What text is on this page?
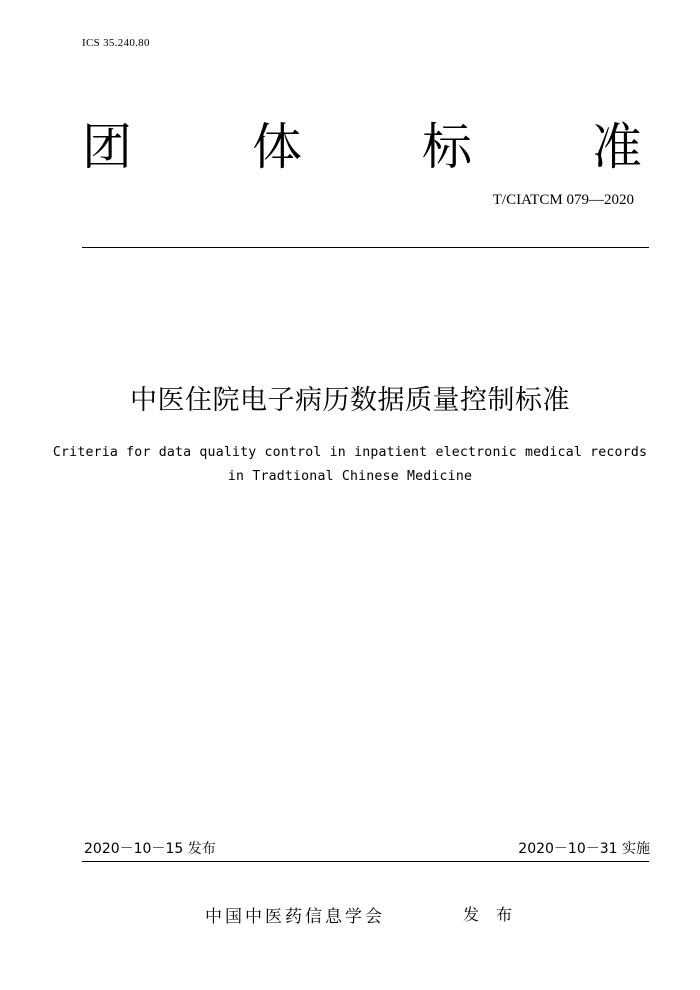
ICS 35.240.80
团 体 标 准
T/CIATCM 079—2020
中医住院电子病历数据质量控制标准
Criteria for data quality control in inpatient electronic medical records
in Tradtional Chinese Medicine
2020－10－15 发布	2020－10－31 实施
中国中医药信息学会	发 布
